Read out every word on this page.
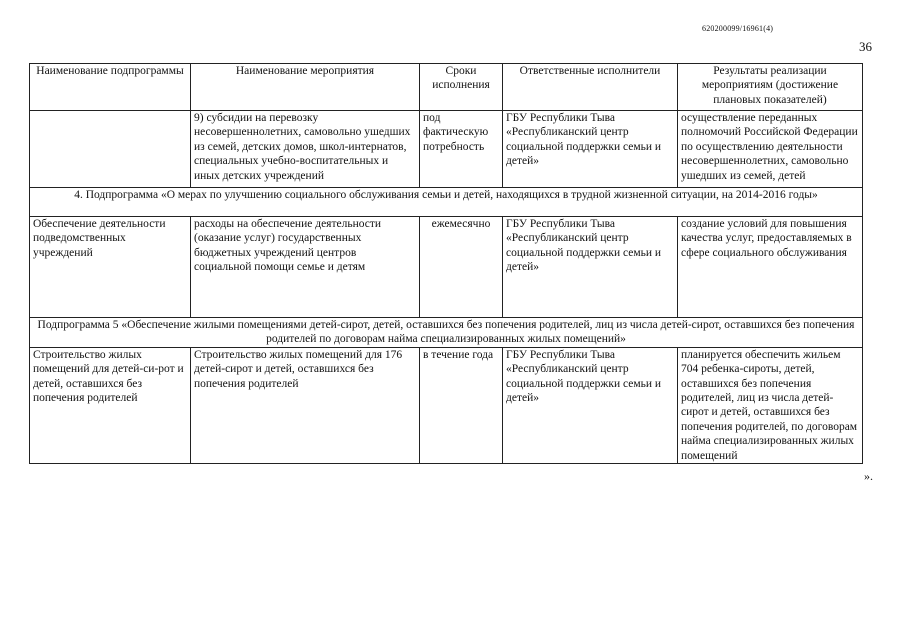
620200099/16961(4)
36
Наименование подпрограммы	Наименование мероприятия	Сроки исполнения	Ответственные исполнители	Результаты реализации мероприятиям (достижение плановых показателей)
	9) субсидии на перевозку несовершеннолетних, самовольно ушедших из семей, детских домов, школ-интернатов, специальных учебно-воспитательных и иных детских учреждений	под фактическую потребность	ГБУ Республики Тыва «Республиканский центр социальной поддержки семьи и детей»	осуществление переданных полномочий Российской Федерации по осуществлению деятельности несовершеннолетних, самовольно ушедших из семей, детей
4. Подпрограмма «О мерах по улучшению социального обслуживания семьи и детей, находящихся в трудной жизненной ситуации, на 2014-2016 годы»				
Обеспечение деятельности подведомственных учреждений	расходы на обеспечение деятельности (оказание услуг) государственных бюджетных учреждений центров социальной помощи семье и детям	ежемесячно	ГБУ Республики Тыва «Республиканский центр социальной поддержки семьи и детей»	создание условий для повышения качества услуг, предоставляемых в сфере социального обслуживания
Подпрограмма 5 «Обеспечение жилыми помещениями детей-сирот, детей, оставшихся без попечения родителей, лиц из числа детей-сирот, оставшихся без попечения родителей по договорам найма специализированных жилых помещений»				
Строительство жилых помещений для детей-си-рот и детей, оставшихся без попечения родителей	Строительство жилых помещений для 176 детей-сирот и детей, оставшихся без попечения родителей	в течение года	ГБУ Республики Тыва «Республиканский центр социальной поддержки семьи и детей»	планируется обеспечить жильем 704 ребенка-сироты, детей, оставшихся без попечения родителей, лиц из числа детей-сирот и детей, оставшихся без попечения родителей, по договорам найма специализированных жилых помещений
».
